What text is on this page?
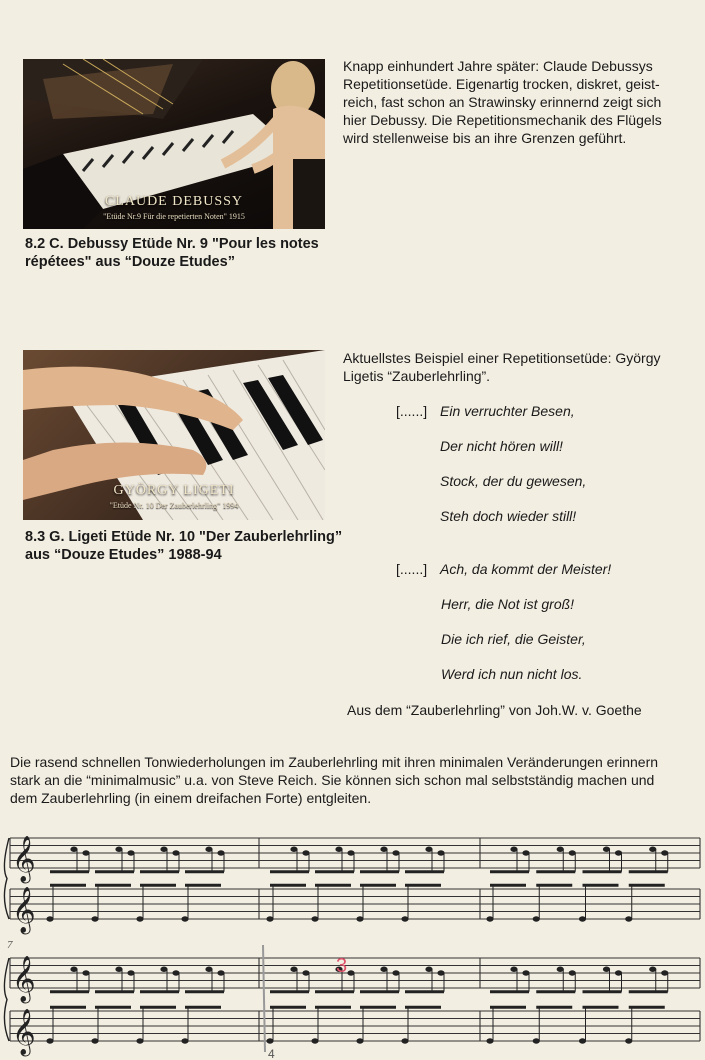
CLAUDE DEBUSSY
"Etüde Nr.9 Für die repetierten Noten" 1915
8.2 C. Debussy Etüde Nr. 9 "Pour les notes
répétees" aus “Douze Etudes”
Knapp einhundert Jahre später: Claude Debussys
Repetitionsetüde. Eigenartig trocken, diskret, geist-
reich, fast schon an Strawinsky erinnernd zeigt sich
hier Debussy. Die Repetitionsmechanik des Flügels
wird stellenweise bis an ihre Grenzen geführt.
GYÖRGY LIGETI
"Etüde Nr. 10 Der Zauberlehrling" 1994
8.3 G. Ligeti Etüde Nr. 10 "Der Zauberlehrling”
aus “Douze Etudes” 1988-94
Aktuellstes Beispiel einer Repetitionsetüde: György
Ligetis “Zauberlehrling”.
[......] Ein verruchter Besen,
Der nicht hören will!
Stock, der du gewesen,
Steh doch wieder still!
[......] Ach, da kommt der Meister!
Herr, die Not ist groß!
Die ich rief, die Geister,
Werd ich nun nicht los.
Aus dem “Zauberlehrling” von Joh.W. v. Goethe
Die rasend schnellen Tonwiederholungen im Zauberlehrling mit ihren minimalen Veränderungen erinnern
stark an die “minimalmusic” u.a. von Steve Reich. Sie können sich schon mal selbstständig machen und
dem Zauberlehrling (in einem dreifachen Forte) entgleiten.
𝄞
𝄞
𝄞
𝄞
7
3
4
